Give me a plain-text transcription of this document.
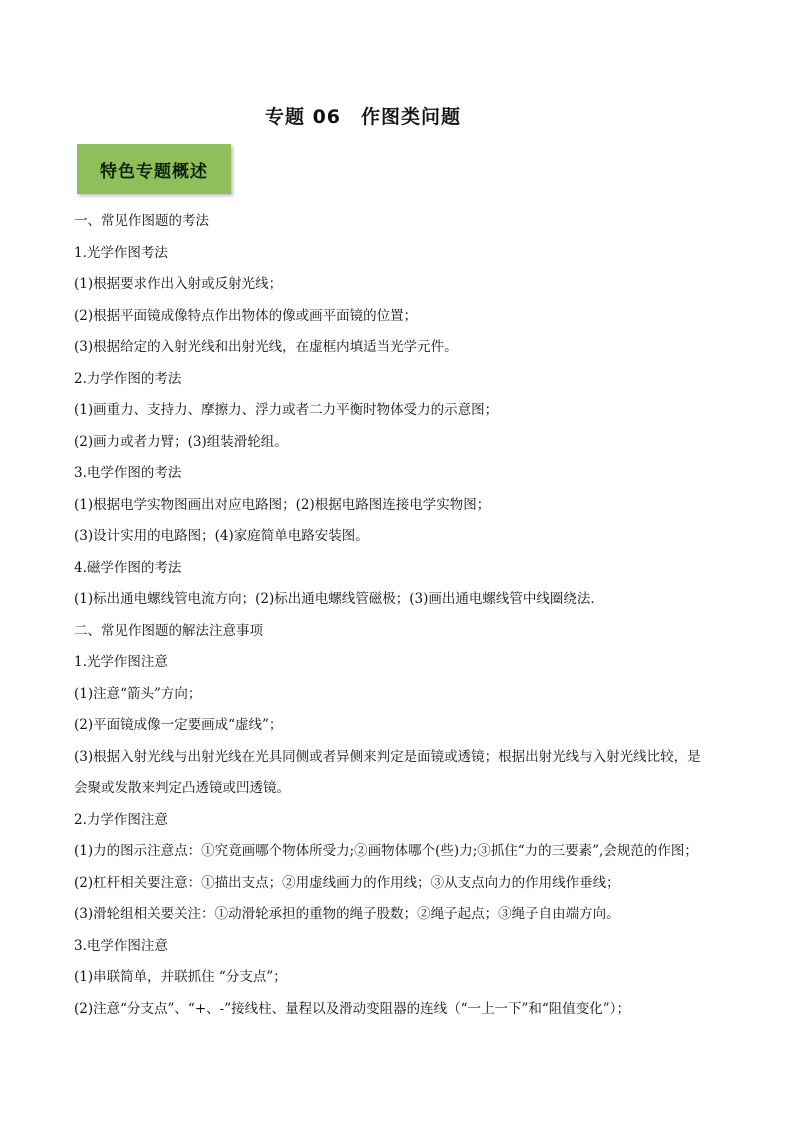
专题 06　作图类问题
特色专题概述
一、常见作图题的考法
1.光学作图考法
(1)根据要求作出入射或反射光线；
(2)根据平面镜成像特点作出物体的像或画平面镜的位置；
(3)根据给定的入射光线和出射光线，在虚框内填适当光学元件。
2.力学作图的考法
(1)画重力、支持力、摩擦力、浮力或者二力平衡时物体受力的示意图；
(2)画力或者力臂；(3)组装滑轮组。
3.电学作图的考法
(1)根据电学实物图画出对应电路图；(2)根据电路图连接电学实物图；
(3)设计实用的电路图；(4)家庭简单电路安装图。
4.磁学作图的考法
(1)标出通电螺线管电流方向；(2)标出通电螺线管磁极；(3)画出通电螺线管中线圈绕法．
二、常见作图题的解法注意事项
1.光学作图注意
(1)注意“箭头”方向；
(2)平面镜成像一定要画成“虚线”；
(3)根据入射光线与出射光线在光具同侧或者异侧来判定是面镜或透镜；根据出射光线与入射光线比较，是
会聚或发散来判定凸透镜或凹透镜。
2.力学作图注意
(1)力的图示注意点：①究竟画哪个物体所受力;②画物体哪个(些)力;③抓住“力的三要素”,会规范的作图；
(2)杠杆相关要注意：①描出支点；②用虚线画力的作用线；③从支点向力的作用线作垂线；
(3)滑轮组相关要关注：①动滑轮承担的重物的绳子股数；②绳子起点；③绳子自由端方向。
3.电学作图注意
(1)串联简单，并联抓住 “分支点”；
(2)注意“分支点”、“+、-”接线柱、量程以及滑动变阻器的连线（“一上一下”和“阻值变化”）；
